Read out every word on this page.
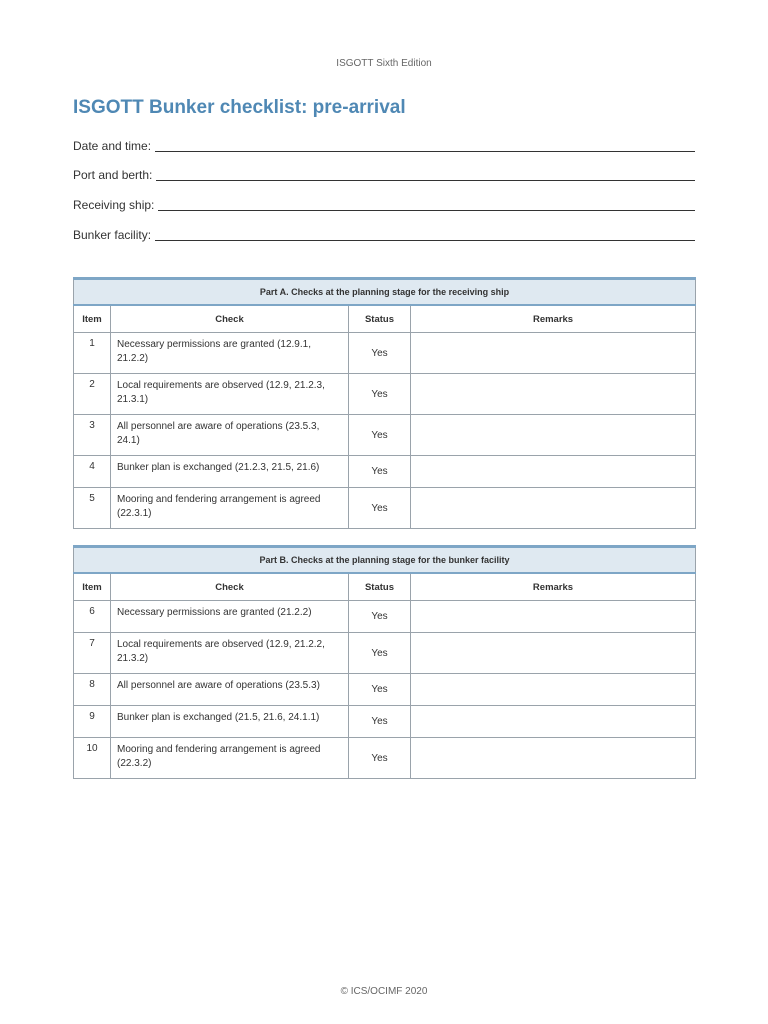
ISGOTT Sixth Edition
ISGOTT Bunker checklist: pre-arrival
Date and time:
Port and berth:
Receiving ship:
Bunker facility:
Part A. Checks at the planning stage for the receiving ship			
Item	Check	Status	Remarks
1	Necessary permissions are granted (12.9.1, 21.2.2)	Yes	
2	Local requirements are observed (12.9, 21.2.3, 21.3.1)	Yes	
3	All personnel are aware of operations (23.5.3, 24.1)	Yes	
4	Bunker plan is exchanged (21.2.3, 21.5, 21.6)	Yes	
5	Mooring and fendering arrangement is agreed (22.3.1)	Yes	
Part B. Checks at the planning stage for the bunker facility			
Item	Check	Status	Remarks
6	Necessary permissions are granted (21.2.2)	Yes	
7	Local requirements are observed (12.9, 21.2.2, 21.3.2)	Yes	
8	All personnel are aware of operations (23.5.3)	Yes	
9	Bunker plan is exchanged (21.5, 21.6, 24.1.1)	Yes	
10	Mooring and fendering arrangement is agreed (22.3.2)	Yes	
© ICS/OCIMF 2020
